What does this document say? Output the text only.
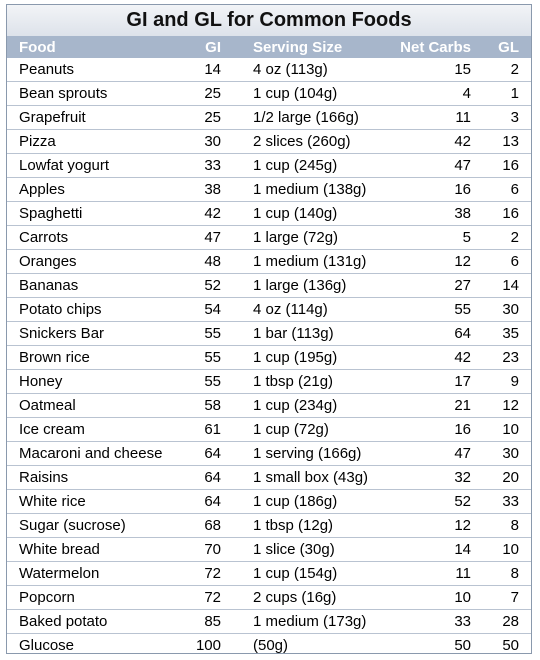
GI and GL for Common Foods
Food	GI	Serving Size	Net Carbs	GL
Peanuts	14	4 oz (113g)	15	2
Bean sprouts	25	1 cup (104g)	4	1
Grapefruit	25	1/2 large (166g)	11	3
Pizza	30	2 slices (260g)	42	13
Lowfat yogurt	33	1 cup (245g)	47	16
Apples	38	1 medium (138g)	16	6
Spaghetti	42	1 cup (140g)	38	16
Carrots	47	1 large (72g)	5	2
Oranges	48	1 medium (131g)	12	6
Bananas	52	1 large (136g)	27	14
Potato chips	54	4 oz (114g)	55	30
Snickers Bar	55	1 bar (113g)	64	35
Brown rice	55	1 cup (195g)	42	23
Honey	55	1 tbsp (21g)	17	9
Oatmeal	58	1 cup (234g)	21	12
Ice cream	61	1 cup (72g)	16	10
Macaroni and cheese	64	1 serving (166g)	47	30
Raisins	64	1 small box (43g)	32	20
White rice	64	1 cup (186g)	52	33
Sugar (sucrose)	68	1 tbsp (12g)	12	8
White bread	70	1 slice (30g)	14	10
Watermelon	72	1 cup (154g)	11	8
Popcorn	72	2 cups (16g)	10	7
Baked potato	85	1 medium (173g)	33	28
Glucose	100	(50g)	50	50
